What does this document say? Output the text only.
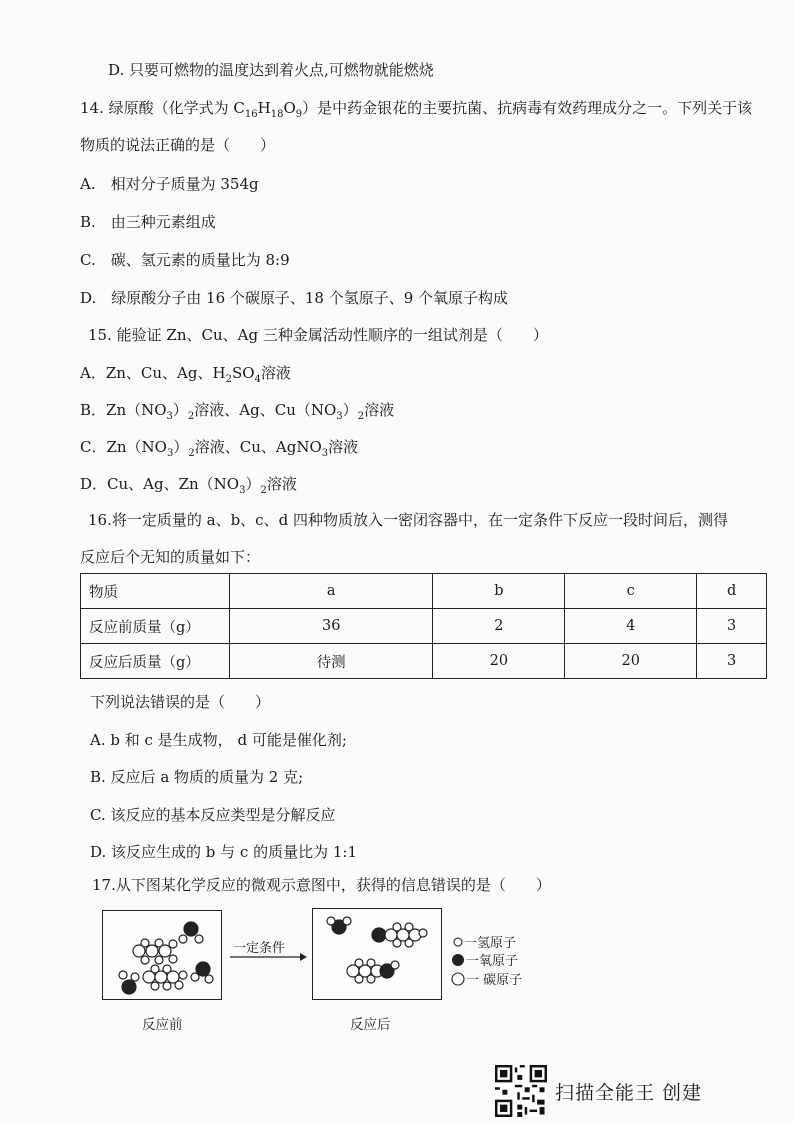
D. 只要可燃物的温度达到着火点,可燃物就能燃烧
14. 绿原酸（化学式为 $C_{16}H_{18}O_9$）是中药金银花的主要抗菌、抗病毒有效药理成分之一。下列关于该
物质的说法正确的是（　　）
A.　相对分子质量为 354g
B.　由三种元素组成
C.　碳、氢元素的质量比为 8:9
D.　绿原酸分子由 16 个碳原子、18 个氢原子、9 个氧原子构成
15. 能验证 Zn、Cu、Ag 三种金属活动性顺序的一组试剂是（　　）
A．Zn、Cu、Ag、$H_2SO_4$溶液
B．$Zn(NO_3)_2$溶液、Ag、$Cu(NO_3)_2$溶液
C．$Zn(NO_3)_2$溶液、Cu、AgNO$_3$溶液
D．Cu、Ag、$Zn(NO_3)_2$溶液
16.将一定质量的 a、b、c、d 四种物质放入一密闭容器中，在一定条件下反应一段时间后，测得
反应后个无知的质量如下：
物质	a	b	c	d
反应前质量（g）	36	2	4	3
反应后质量（g）	待测	20	20	3
下列说法错误的是（　　）
A. b 和 c 是生成物， d 可能是催化剂;
B. 反应后 a 物质的质量为 2 克;
C. 该反应的基本反应类型是分解反应
D. 该反应生成的 b 与 c 的质量比为 1:1
17.从下图某化学反应的微观示意图中，获得的信息错误的是（　　）
反应前
一定条件
反应后
一氢原子
一氧原子
一 碳原子
扫描全能王 创建
